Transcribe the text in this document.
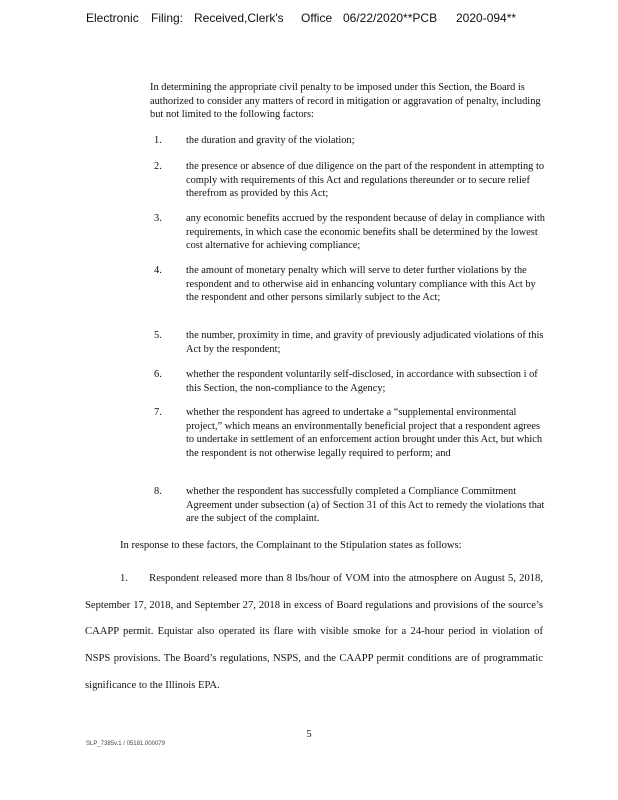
Electronic Filing: Received,Clerk's Office 06/22/2020**PCB 2020-094**
In determining the appropriate civil penalty to be imposed under this Section, the Board is authorized to consider any matters of record in mitigation or aggravation of penalty, including but not limited to the following factors:
1. the duration and gravity of the violation;
2. the presence or absence of due diligence on the part of the respondent in attempting to comply with requirements of this Act and regulations thereunder or to secure relief therefrom as provided by this Act;
3. any economic benefits accrued by the respondent because of delay in compliance with requirements, in which case the economic benefits shall be determined by the lowest cost alternative for achieving compliance;
4. the amount of monetary penalty which will serve to deter further violations by the respondent and to otherwise aid in enhancing voluntary compliance with this Act by the respondent and other persons similarly subject to the Act;
5. the number, proximity in time, and gravity of previously adjudicated violations of this Act by the respondent;
6. whether the respondent voluntarily self-disclosed, in accordance with subsection i of this Section, the non-compliance to the Agency;
7. whether the respondent has agreed to undertake a “supplemental environmental project,” which means an environmentally beneficial project that a respondent agrees to undertake in settlement of an enforcement action brought under this Act, but which the respondent is not otherwise legally required to perform; and
8. whether the respondent has successfully completed a Compliance Commitment Agreement under subsection (a) of Section 31 of this Act to remedy the violations that are the subject of the complaint.
In response to these factors, the Complainant to the Stipulation states as follows:
1.  Respondent released more than 8 lbs/hour of VOM into the atmosphere on August 5, 2018, September 17, 2018, and September 27, 2018 in excess of Board regulations and provisions of the source’s CAAPP permit. Equistar also operated its flare with visible smoke for a 24-hour period in violation of NSPS provisions. The Board’s regulations, NSPS, and the CAAPP permit conditions are of programmatic significance to the Illinois EPA.
5
SLP_7385v.1 / 05181.000079
